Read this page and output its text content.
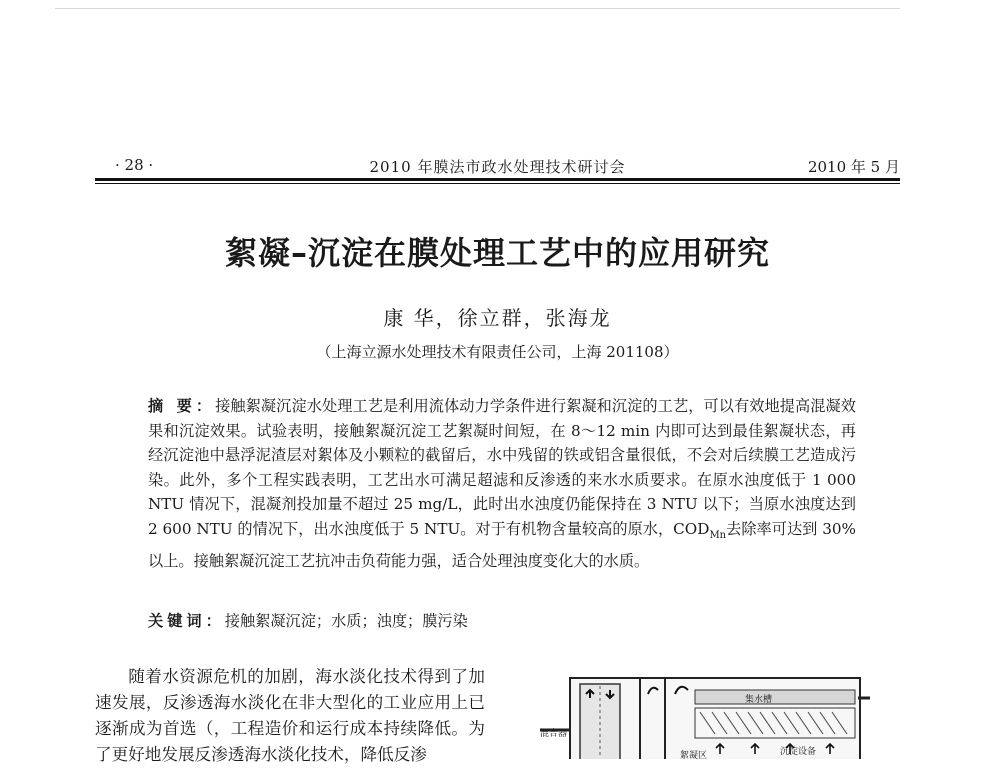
· 28 ·	2010 年膜法市政水处理技术研讨会	2010 年 5 月
絮凝–沉淀在膜处理工艺中的应用研究
康 华，徐立群，张海龙
（上海立源水处理技术有限责任公司，上海 201108）
摘 要：接触絮凝沉淀水处理工艺是利用流体动力学条件进行絮凝和沉淀的工艺，可以有效地提高混凝效果和沉淀效果。试验表明，接触絮凝沉淀工艺絮凝时间短，在 8～12 min 内即可达到最佳絮凝状态，再经沉淀池中悬浮泥渣层对絮体及小颗粒的截留后，水中残留的铁或铝含量很低，不会对后续膜工艺造成污染。此外，多个工程实践表明，工艺出水可满足超滤和反渗透的来水水质要求。在原水浊度低于 1 000 NTU 情况下，混凝剂投加量不超过 25 mg/L，此时出水浊度仍能保持在 3 NTU 以下；当原水浊度达到 2 600 NTU 的情况下，出水浊度低于 5 NTU。对于有机物含量较高的原水，$COD_{Mn}$去除率可达到 30% 以上。接触絮凝沉淀工艺抗冲击负荷能力强，适合处理浊度变化大的水质。
关键词：接触絮凝沉淀；水质；浊度；膜污染
随着水资源危机的加剧，海水淡化技术得到了加速发展，反渗透海水淡化在非大型化的工业应用上已逐渐成为首选（，工程造价和运行成本持续降低。为了更好地发展反渗透海水淡化技术，降低反渗
混合器
集水槽
沉淀设备
絮凝区
